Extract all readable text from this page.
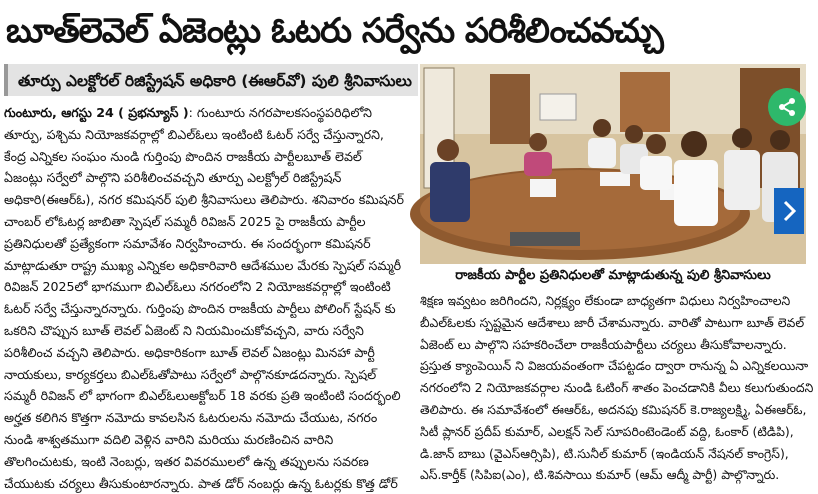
బూత్‌లెవెల్ ఏజెంట్లు ఓటరు సర్వేను పరిశీలించవచ్చు
తూర్పు ఎలక్టోరల్ రిజిస్ట్రేషన్ అధికారి (ఈఆర్‌వో) పులి శ్రీనివాసులు
గుంటూరు, ఆగస్టు 24 ( ప్రభన్యూస్ ): గుంటూరు నగరపాలకసంస్థపరిధిలోని
తూర్పు, పశ్చిమ నియోజకవర్గాల్లో బిఎల్‌ఓలు ఇంటింటి ఓటర్ సర్వే చేస్తున్నారని,
కేంద్ర ఎన్నికల సంఘం నుండి గుర్తింపు పొందిన రాజకీయ పార్టీలబూత్ లెవల్
ఏజంట్లు సర్వేలో పాల్గొని పరిశీలించవచ్చని తూర్పు ఎలక్ట్రోల్ రిజిస్ట్రేషన్
అధికారి(ఈఆర్ఓ), నగర కమిషనర్ పులి శ్రీనివాసులు తెలిపారు. శనివారం కమిషనర్
చాంబర్ లోఓటర్ల జాబితా స్పెషల్ సమ్మరీ రివిజన్ 2025 పై రాజకీయ పార్టీల
ప్రతినిధులతో ప్రత్యేకంగా సమావేశం నిర్వహించారు. ఈ సందర్భంగా కమిషనర్
మాట్లాడుతూ రాష్ట్ర ముఖ్య ఎన్నికల అధికారివారి ఆదేశముల మేరకు స్పెషల్ సమ్మరీ
రివిజన్ 2025లో భాగముగా బిఎల్ఓలు నగరంలోని 2 నియోజకవర్గాల్లో ఇంటింటి
ఓటర్ సర్వే చేస్తున్నారన్నారు. గుర్తింపు పొందిన రాజకీయ పార్టీలు పోలింగ్ స్టేషన్ కు
ఒకరిని చొప్పున బూత్ లెవల్ ఏజెంట్ ని నియమించుకోవచ్చని, వారు సర్వేని
పరిశీలించ వచ్చని తెలిపారు. అధికారికంగా బూత్ లెవల్ ఏజంట్లు మినహా పార్టీ
నాయకులు, కార్యకర్తలు బిఎల్ఓతోపాటు సర్వేలో పాల్గొనకూడదన్నారు. స్పెషల్
సమ్మరీ రివిజన్ లో భాగంగా బిఎల్ఓలుఅక్టోబర్ 18 వరకు ప్రతి ఇంటింటి సందర్భంలి
అర్హత కలిగిన కొత్తగా నమోదు కావలసిన ఓటరులను నమోదు చేయుట, నగరం
నుండి శాశ్వతముగా వదిలి వెళ్లిన వారిని మరియు మరణించిన వారిని
తొలగించుటకు, ఇంటి నెంబర్లు, ఇతర వివరములలో ఉన్న తప్పులను సవరణ
చేయుటకు చర్యలు తీసుకుంటారన్నారు. పాత డోర్ నంబర్లు ఉన్న ఓటర్లకు కొత్త డోర్
రాజకీయ పార్టీల ప్రతినిధులతో మాట్లాడుతున్న పులి శ్రీనివాసులు
శిక్షణ ఇవ్వటం జరిగిందని, నిర్లక్ష్యం లేకుండా బాధ్యతగా విధులు నిర్వహించాలని
బీఎల్‌ఓలకు స్పష్టమైన ఆదేశాలు జారీ చేశామన్నారు. వారితో పాటుగా బూత్ లెవల్
ఏజెంట్ లు పాల్గొని సహకరించేలా రాజకీయపార్టీలు చర్యలు తీసుకోవాలన్నారు.
ప్రస్తుత క్యాంపెయిన్ ని విజయవంతంగా చేపట్టడం ద్వారా రానున్న ఏ ఎన్నికలయినా
నగరంలోని 2 నియోజకవర్గాల నుండి ఓటింగ్ శాతం పెంచడానికి వీలు కలుగుతుందని
తెలిపారు. ఈ సమావేశంలో ఈఆర్‌ఓ, అదనపు కమిషనర్ కె.రాజ్యలక్ష్మి, ఏఈఆర్‌ఓ,
సిటీ ప్లానర్ ప్రదీప్ కుమార్, ఎలక్షన్ సెల్ సూపరింటెండెంట్ వద్ది, ఓంకార్ (టిడిపి),
డి.జాన్ బాబు (వైఎస్ఆర్సిపి), టి.సునీల్ కుమార్ (ఇండియన్ నేషనల్ కాంగ్రెస్),
ఎస్.కార్తీక్ (సిపిఐ(ఎం), టి.శివసాయి కుమార్ (ఆమ్ ఆద్మీ పార్టీ) పాల్గొన్నారు.
